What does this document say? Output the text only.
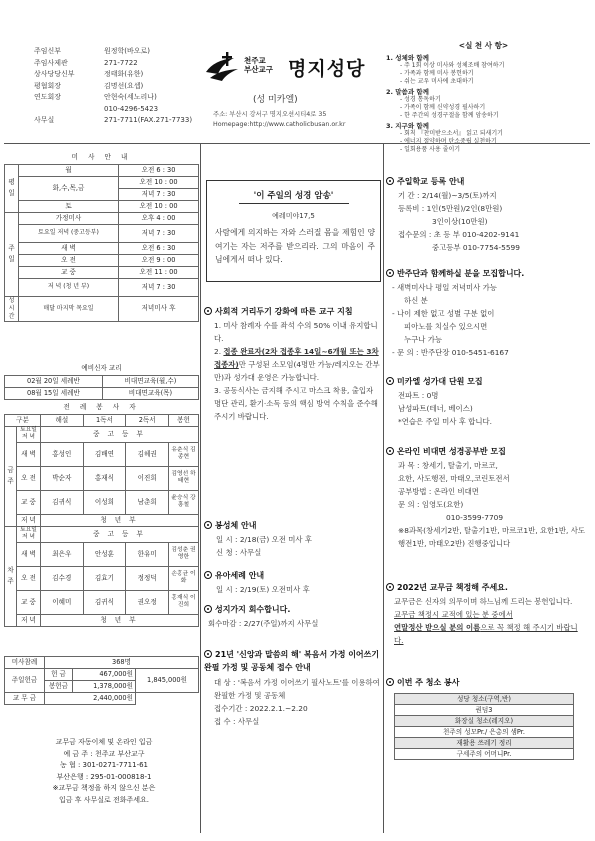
주임신부	원정학(바오로)
주임사제관	271-7722
상사당당신부	정태화(유한)
평협회장	김명선(요셉)
연도회장	안현숙(세노리나)
010-4296-5423
사무실	271-7711(FAX.271-7733)
천주교
부산교구 명지성당
(성 미카엘)
주소: 부산시 강서구 명지오션시티4로 35
Homepage:http://www.catholicbusan.or.kr
<실 천 사 항>
1. 성체와 함께
- 주 1회 이상 미사와 성체조배 참여하기
- 가족과 함께 미사 봉헌하기
- 쉬는 교우 미사에 초대하기
2. 말씀과 함께
- 성경 통독하기
- 가족이 함께 신약성경 필사하기
- 한 주간의 성경구절을 함께 암송하기
3. 지구와 함께
- 회칙 『찬미받으소서』 읽고 되새기기
- 에너지 절약하며 탄소중립 실천하기
- 일회용품 사용 줄이기
미 사 안 내		
평일	월	오전 6 : 30
	화,수,목,금	오전 10 : 00
		저녁 7 : 30
	토	오전 10 : 00
주일	가정미사	오후 4 : 00
	토요일 저녁 (중고등부)	저녁 7 : 30
	새 벽	오전 6 : 30
	오 전	오전 9 : 00
	교 중	오전 11 : 00
	저 녁 (청 년 부)	저녁 7 : 30
성시간	매달 마지막 목요일	저녁미사 후
예비신자 교리	
02월 20일 세례반	비대면교육(월,수)
08월 15일 세례반	비대면교육(목)
전 례 봉 사 자					
구분		해설	1독서	2독서	봉헌
금주	토요일 저 녁	중 고 등 부			
	새 벽	홍성인	김배연	김헤권	유춘식 김종현
	오 전	박순자	홍재식	이진희	김영선 하태현
	교 중	김귀식	이성희	남춘희	윤승식 강흥철
	저 녁	청 년 부			
차주	토요일 저 녁	중 고 등 부			
	새 벽	최은우	안성훈	한유미	김성춘 권영한
	오 전	김수경	김효기	정정덕	손홍균 이 화
	교 중	이혜미	김귀식	권오정	홍재식 이진희
	저 녁	청 년 부			
미사참례	368명		
주일헌금	헌 금	467,000원	1,845,000원
	봉헌금	1,378,000원	
교 무 금	2,440,000원		
교무금 자동이체 및 온라인 입금
예 금 주 : 천주교 부산교구
농 협 : 301-0271-7711-61
부산은행 : 295-01-000818-1
※교무금 책정을 하지 않으신 분은
입금 후 사무실로 전화주세요.
'이 주일의 성경 암송'
예레미야17,5
사람에게 의지하는 자와 스러질 몸을 제힘인 양 여기는 자는 저주를 받으리라. 그의 마음이 주님에게서 떠나 있다.
사회적 거리두기 강화에 따른 교구 지침
1. 미사 참례자 수를 좌석 수의 50% 이내 유지합니다.
2. 접종 완료자(2차 접종후 14일~6개월 또는 3차 접종자)만 구성된 소모임(4명만 가능/레지오는 간부만)과 성가대 운영은 가능합니다.
3. 공동식사는 금지해 주시고 마스크 착용, 출입자 명단 관리, 환기·소독 등의 핵심 방역 수칙을 준수해 주시기 바랍니다.
봉성체 안내
일 시 : 2/18(금) 오전 미사 후
신 청 : 사무실
유아세례 안내
일 시 : 2/19(토) 오전미사 후
성지가지 회수합니다.
회수마감 : 2/27(주일)까지 사무실
21년 '신앙과 말씀의 해' 복음서 가정 이어쓰기 완필 가정 및 공동체 접수 안내
대 상 : '복음서 가정 이어쓰기 필사노트'를 이용하여 완필한 가정 및 공동체
접수기간 : 2022.2.1.~2.20
접 수 : 사무실
주일학교 등록 안내
기 간 : 2/14(월)~3/5(토)까지
등록비 : 1인(5만원)/2인(8만원)
3인이상(10만원)
접수문의 : 초 등 부 010-4202-9141
중고등부 010-7754-5599
반주단과 함께하실 분을 모집합니다.
- 새벽미사나 평일 저녁미사 가능
하신 분
- 나이 제한 없고 성별 구분 없이
피아노를 치실수 있으시면
누구나 가능
- 문 의 : 반주단장 010-5451-6167
미카엘 성가대 단원 모집
전파트 : 0명
남성파트(테너, 베이스)
*연습은 주일 미사 후 합니다.
온라인 비대면 성경공부반 모집
과 목 : 창세기, 탈출기, 마르코,
요한, 사도행전, 마태오,코린토전서
공부방법 : 온라인 비대면
문 의 : 임영도(요한)
010-3599-7709
※8과목(창세기2반, 탈출기1반, 마르코1반, 요한1반, 사도행전1반, 마태오2반) 진행중입니다
2022년 교무금 책정해 주세요.
교무금은 신자의 의무이며 하느님께 드리는 봉헌입니다.
교무금 책정시 교적에 있는 분 중에서
연말정산 받으실 분의 이름으로 꼭 책정 해 주시기 바랍니다.
이번 주 청소 봉사
성당 청소(구역,반)
퀀덤3
화장실 청소(레지오)
천주의 성모Pr./ 은총의 샘Pr.
재활용 쓰레기 정리
구세주의 어머니Pr.
